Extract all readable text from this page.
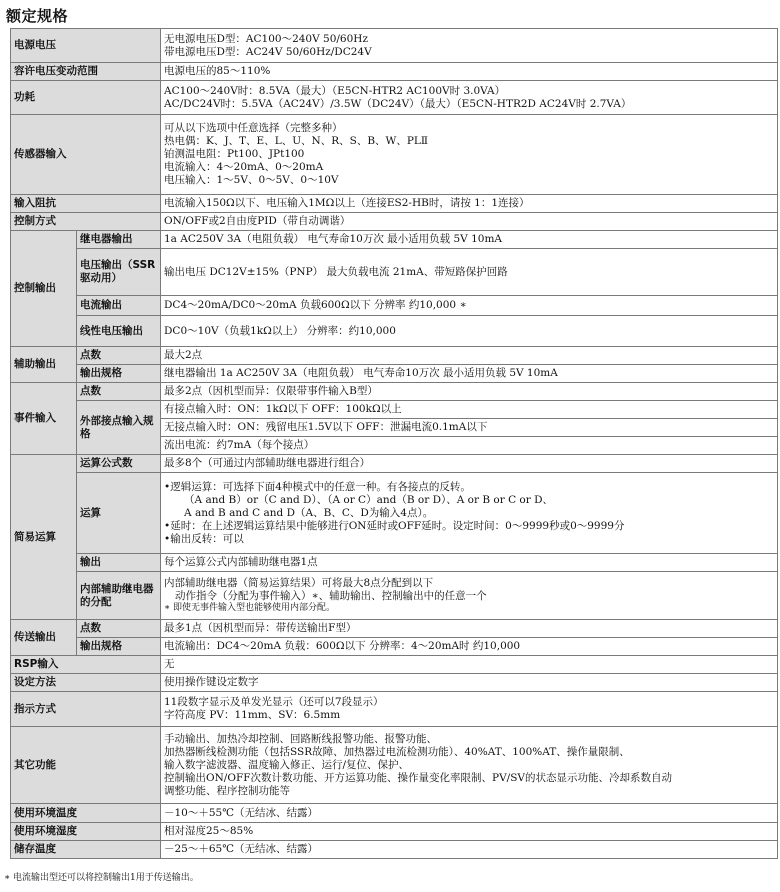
额定规格
电源电压		无电源电压D型：AC100～240V 50/60Hz
带电源电压D型：AC24V 50/60Hz/DC24V

容许电压变动范围		电源电压的85～110%
功耗		AC100～240V时：8.5VA（最大）（E5CN-HTR2 AC100V时 3.0VA）
AC/DC24V时：5.5VA（AC24V）/3.5W（DC24V）（最大）（E5CN-HTR2D AC24V时 2.7VA）

传感器输入		可从以下选项中任意选择（完整多种）
热电偶：K、J、T、E、L、U、N、R、S、B、W、PLⅡ
铂测温电阻：Pt100、JPt100
电流输入：4～20mA、0～20mA
电压输入：1～5V、0～5V、0～10V

输入阻抗		电流输入150Ω以下、电压输入1MΩ以上（连接ES2-HB时，请按 1：1连接）
控制方式		ON/OFF或2自由度PID（带自动调谐）
控制输出	继电器输出	1a AC250V 3A（电阻负载） 电气寿命10万次 最小适用负载 5V 10mA
	电压输出（SSR驱动用）	输出电压 DC12V±15%（PNP） 最大负载电流 21mA、带短路保护回路
	电流输出	DC4～20mA/DC0～20mA 负载600Ω以下 分辨率 约10,000 ∗
	线性电压输出	DC0～10V（负载1kΩ以上） 分辨率：约10,000
辅助输出	点数	最大2点
	输出规格	继电器输出 1a AC250V 3A（电阻负载） 电气寿命10万次 最小适用负载 5V 10mA
事件输入	点数	最多2点（因机型而异：仅限带事件输入B型）
	外部接点输入规格	有接点输入时：ON：1kΩ以下 OFF：100kΩ以上
		无接点输入时：ON：残留电压1.5V以下 OFF：泄漏电流0.1mA以下
		流出电流：约7mA（每个接点）
简易运算	运算公式数	最多8个（可通过内部辅助继电器进行组合）
	运算	•逻辑运算：可选择下面4种模式中的任意一种。有各接点的反转。
（A and B）or（C and D）、（A or C）and（B or D）、A or B or C or D、
A and B and C and D（A、B、C、D为输入4点）。
•延时：在上述逻辑运算结果中能够进行ON延时或OFF延时。设定时间：0～9999秒或0～9999分
•输出反转：可以

	输出	每个运算公式内部辅助继电器1点
	内部辅助继电器的分配	内部辅助继电器（简易运算结果）可将最大8点分配到以下
动作指令（分配为事件输入）∗、辅助输出、控制输出中的任意一个
∗ 即使无事件输入型也能够使用内部分配。

传送输出	点数	最多1点（因机型而异：带传送输出F型）
	输出规格	电流输出：DC4～20mA 负载：600Ω以下 分辨率：4～20mA时 约10,000
RSP输入		无
设定方法		使用操作键设定数字
指示方式		11段数字显示及单发光显示（还可以7段显示）
字符高度 PV：11mm、SV：6.5mm

其它功能		手动输出、加热冷却控制、回路断线报警功能、报警功能、
加热器断线检测功能（包括SSR故障、加热器过电流检测功能）、40%AT、100%AT、操作量限制、
输入数字滤波器、温度输入修正、运行/复位、保护、
控制输出ON/OFF次数计数功能、开方运算功能、操作量变化率限制、PV/SV的状态显示功能、冷却系数自动
调整功能、程序控制功能等

使用环境温度		－10～＋55℃（无结冰、结露）
使用环境湿度		相对湿度25～85%
储存温度		－25～＋65℃（无结冰、结露）
∗ 电流输出型还可以将控制输出1用于传送输出。
